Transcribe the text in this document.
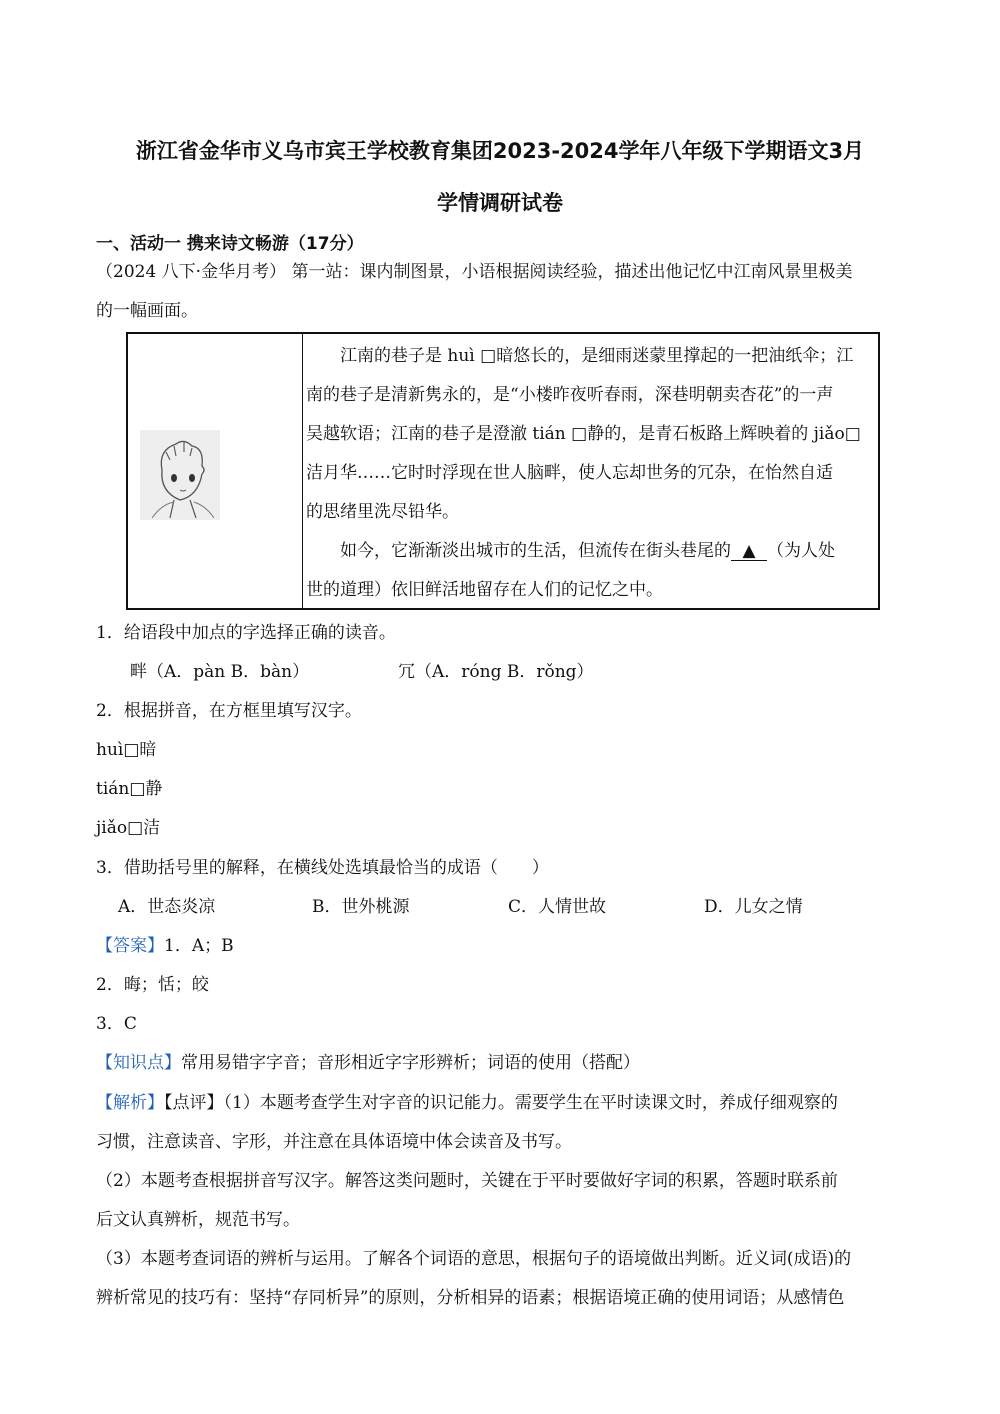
浙江省金华市义乌市宾王学校教育集团2023-2024学年八年级下学期语文3月
学情调研试卷
一、活动一 携来诗文畅游（17分）
（2024 八下·金华月考） 第一站：课内制图景，小语根据阅读经验，描述出他记忆中江南风景里极美
的一幅画面。
江南的巷子是 huì □暗悠长的，是细雨迷蒙里撑起的一把油纸伞；江
南的巷子是清新隽永的，是“小楼昨夜听春雨，深巷明朝卖杏花”的一声
吴越软语；江南的巷子是澄澈 tián □静的，是青石板路上辉映着的 jiǎo□
洁月华……它时时浮现在世人脑畔，使人忘却世务的冗杂，在怡然自适
的思绪里洗尽铅华。
如今，它渐渐淡出城市的生活，但流传在街头巷尾的 ▲ （为人处
世的道理）依旧鲜活地留存在人们的记忆之中。
1．给语段中加点的字选择正确的读音。
畔（A．pàn B．bàn）	冗（A．róng B．rǒng）
2．根据拼音，在方框里填写汉字。
huì□暗
tián□静
jiǎo□洁
3．借助括号里的解释，在横线处选填最恰当的成语（　　）
A．世态炎凉	B．世外桃源	C．人情世故	D．儿女之情
【答案】1．A；B
2．晦；恬；皎
3．C
【知识点】常用易错字字音；音形相近字字形辨析；词语的使用（搭配）
【解析】【点评】（1）本题考查学生对字音的识记能力。需要学生在平时读课文时，养成仔细观察的
习惯，注意读音、字形，并注意在具体语境中体会读音及书写。
（2）本题考查根据拼音写汉字。解答这类问题时，关键在于平时要做好字词的积累，答题时联系前
后文认真辨析，规范书写。
（3）本题考查词语的辨析与运用。了解各个词语的意思，根据句子的语境做出判断。近义词(成语)的
辨析常见的技巧有：坚持“存同析异”的原则，分析相异的语素；根据语境正确的使用词语；从感情色
